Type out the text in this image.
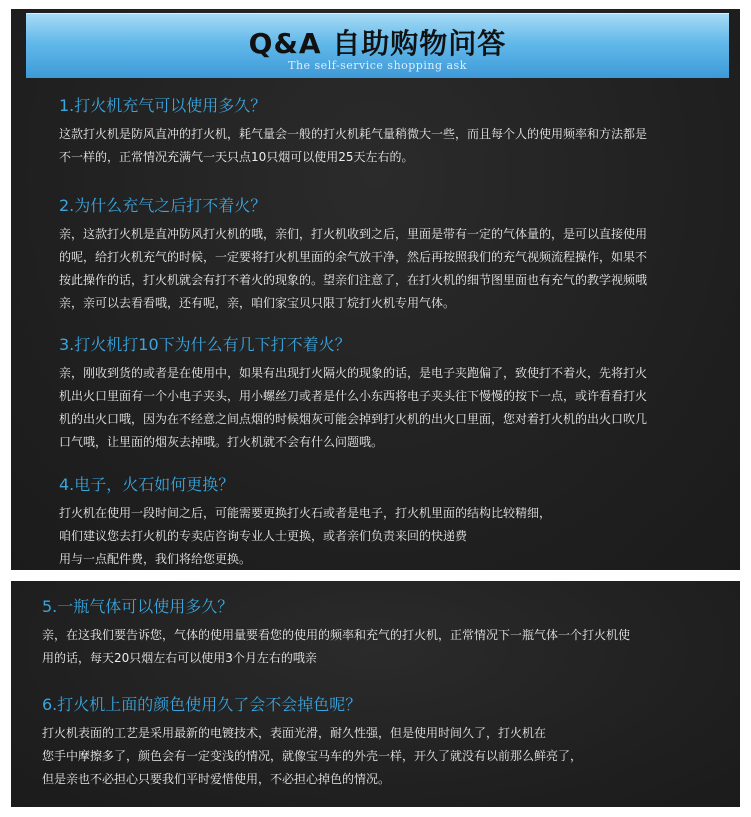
Q&A 自助购物问答
The self-service shopping ask
1.打火机充气可以使用多久？
这款打火机是防风直冲的打火机，耗气量会一般的打火机耗气量稍微大一些，而且每个人的使用频率和方法都是
不一样的，正常情况充满气一天只点10只烟可以使用25天左右的。
2.为什么充气之后打不着火？
亲，这款打火机是直冲防风打火机的哦，亲们，打火机收到之后，里面是带有一定的气体量的，是可以直接使用
的呢，给打火机充气的时候，一定要将打火机里面的余气放干净，然后再按照我们的充气视频流程操作，如果不
按此操作的话，打火机就会有打不着火的现象的。望亲们注意了，在打火机的细节图里面也有充气的教学视频哦
亲，亲可以去看看哦，还有呢，亲，咱们家宝贝只限丁烷打火机专用气体。
3.打火机打10下为什么有几下打不着火？
亲，刚收到货的或者是在使用中，如果有出现打火隔火的现象的话，是电子夹跑偏了，致使打不着火，先将打火
机出火口里面有一个小电子夹头，用小螺丝刀或者是什么小东西将电子夹头往下慢慢的按下一点，或许看看打火
机的出火口哦，因为在不经意之间点烟的时候烟灰可能会掉到打火机的出火口里面，您对着打火机的出火口吹几
口气哦，让里面的烟灰去掉哦。打火机就不会有什么问题哦。
4.电子，火石如何更换？
打火机在使用一段时间之后，可能需要更换打火石或者是电子，打火机里面的结构比较精细，
咱们建议您去打火机的专卖店咨询专业人士更换，或者亲们负责来回的快递费
用与一点配件费，我们将给您更换。
5.一瓶气体可以使用多久？
亲，在这我们要告诉您，气体的使用量要看您的使用的频率和充气的打火机，正常情况下一瓶气体一个打火机使
用的话，每天20只烟左右可以使用3个月左右的哦亲
6.打火机上面的颜色使用久了会不会掉色呢？
打火机表面的工艺是采用最新的电镀技术，表面光滑，耐久性强，但是使用时间久了，打火机在
您手中摩擦多了，颜色会有一定变浅的情况，就像宝马车的外壳一样，开久了就没有以前那么鲜亮了，
但是亲也不必担心只要我们平时爱惜使用，不必担心掉色的情况。
